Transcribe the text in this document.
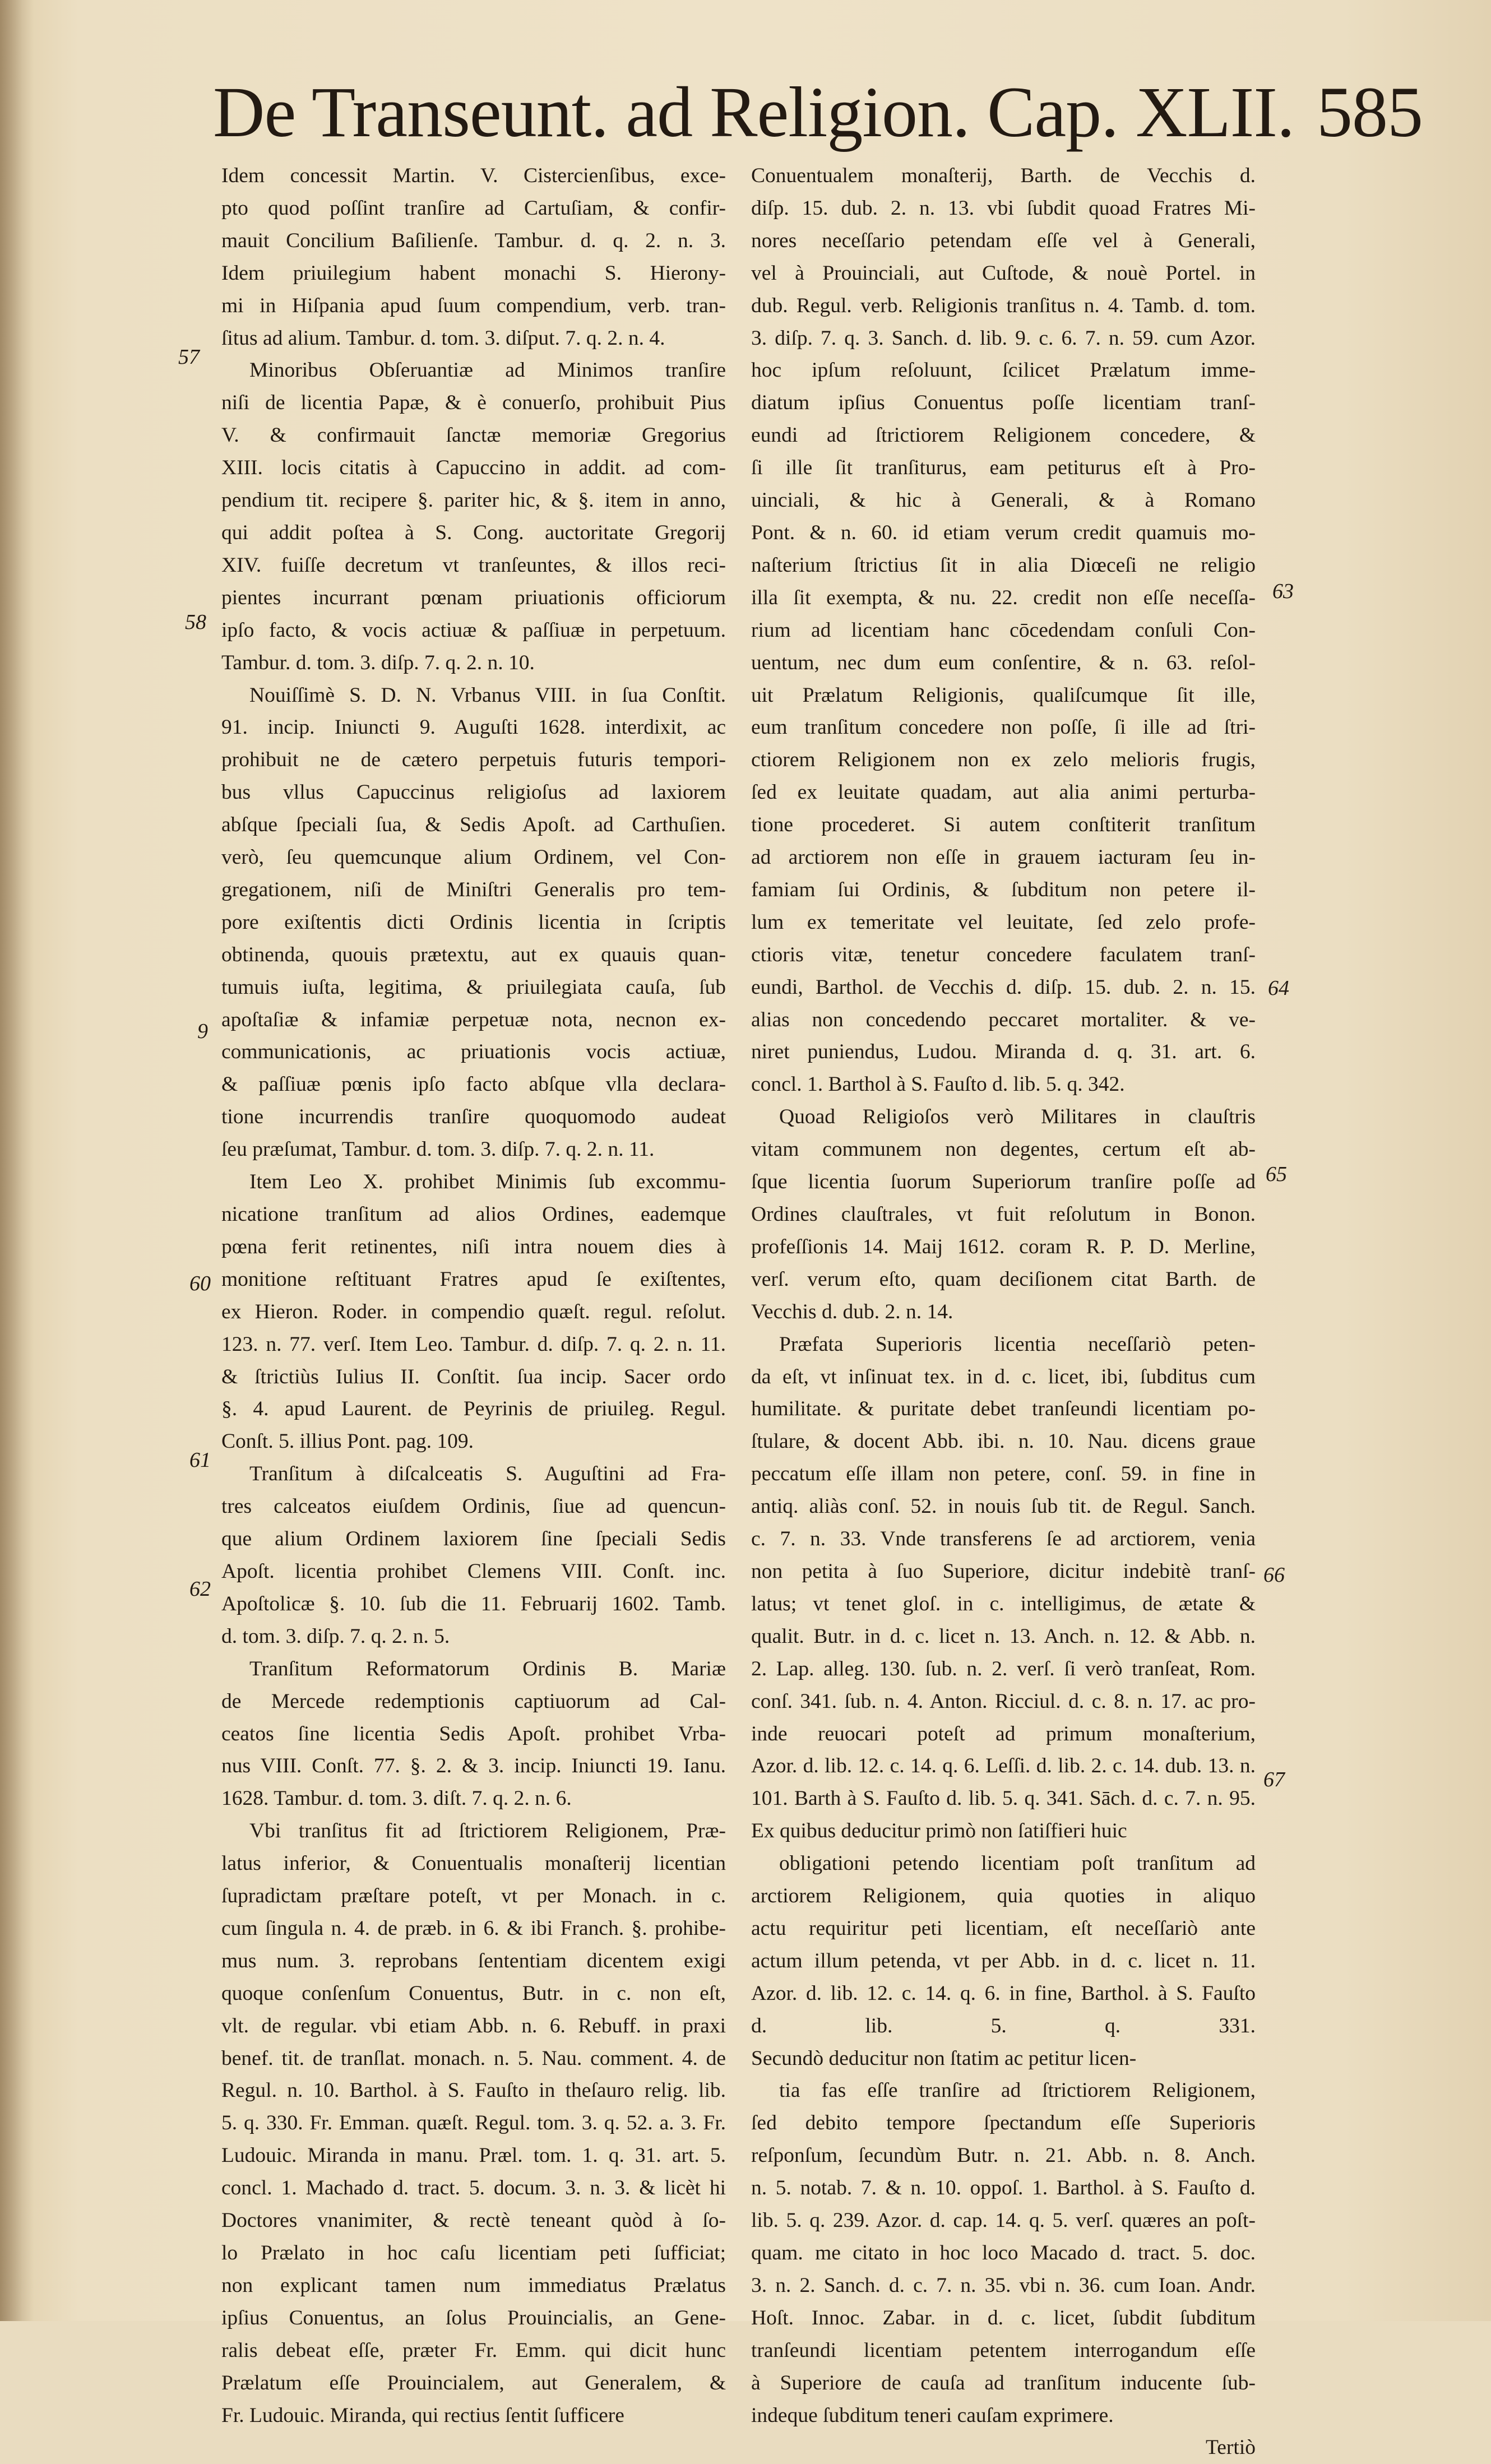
De Transeunt. ad Religion. Cap. XLII. 585

Idem concessit Martin. V. Cistercienſibus, exce-

pto quod poſſint tranſire ad Cartuſiam, & confir-

mauit Concilium Baſilienſe. Tambur. d. q. 2. n. 3.

Idem priuilegium habent monachi S. Hierony-

mi in Hiſpania apud ſuum compendium, verb. tran-

ſitus ad alium. Tambur. d. tom. 3. diſput. 7. q. 2. n. 4.

Minoribus Obſeruantiæ ad Minimos tranſire

niſi de licentia Papæ, & è conuerſo, prohibuit Pius

V. & confirmauit ſanctæ memoriæ Gregorius

XIII. locis citatis à Capuccino in addit. ad com-

pendium tit. recipere §. pariter hic, & §. item in anno,

qui addit poſtea à S. Cong. auctoritate Gregorij

XIV. fuiſſe decretum vt tranſeuntes, & illos reci-

pientes incurrant pœnam priuationis officiorum

ipſo facto, & vocis actiuæ & paſſiuæ in perpetuum.

Tambur. d. tom. 3. diſp. 7. q. 2. n. 10.

Nouiſſimè S. D. N. Vrbanus VIII. in ſua Conſtit.

91. incip. Iniuncti 9. Auguſti 1628. interdixit, ac

prohibuit ne de cætero perpetuis futuris tempori-

bus vllus Capuccinus religioſus ad laxiorem

abſque ſpeciali ſua, & Sedis Apoſt. ad Carthuſien.

verò, ſeu quemcunque alium Ordinem, vel Con-

gregationem, niſi de Miniſtri Generalis pro tem-

pore exiſtentis dicti Ordinis licentia in ſcriptis

obtinenda, quouis prætextu, aut ex quauis quan-

tumuis iuſta, legitima, & priuilegiata cauſa, ſub

apoſtaſiæ & infamiæ perpetuæ nota, necnon ex-

communicationis, ac priuationis vocis actiuæ,

& paſſiuæ pœnis ipſo facto abſque vlla declara-

tione incurrendis tranſire quoquomodo audeat

ſeu præſumat, Tambur. d. tom. 3. diſp. 7. q. 2. n. 11.

Item Leo X. prohibet Minimis ſub excommu-

nicatione tranſitum ad alios Ordines, eademque

pœna ferit retinentes, niſi intra nouem dies à

monitione reſtituant Fratres apud ſe exiſtentes,

ex Hieron. Roder. in compendio quæſt. regul. reſolut.

123. n. 77. verſ. Item Leo. Tambur. d. diſp. 7. q. 2. n. 11.

& ſtrictiùs Iulius II. Conſtit. ſua incip. Sacer ordo

§. 4. apud Laurent. de Peyrinis de priuileg. Regul.

Conſt. 5. illius Pont. pag. 109.

Tranſitum à diſcalceatis S. Auguſtini ad Fra-

tres calceatos eiuſdem Ordinis, ſiue ad quencun-

que alium Ordinem laxiorem ſine ſpeciali Sedis

Apoſt. licentia prohibet Clemens VIII. Conſt. inc.

Apoſtolicæ §. 10. ſub die 11. Februarij 1602. Tamb.

d. tom. 3. diſp. 7. q. 2. n. 5.

Tranſitum Reformatorum Ordinis B. Mariæ

de Mercede redemptionis captiuorum ad Cal-

ceatos ſine licentia Sedis Apoſt. prohibet Vrba-

nus VIII. Conſt. 77. §. 2. & 3. incip. Iniuncti 19. Ianu.

1628. Tambur. d. tom. 3. diſt. 7. q. 2. n. 6.

Vbi tranſitus fit ad ſtrictiorem Religionem, Præ-

latus inferior, & Conuentualis monaſterij licentian

ſupradictam præſtare poteſt, vt per Monach. in c.

cum ſingula n. 4. de præb. in 6. & ibi Franch. §. prohibe-

mus num. 3. reprobans ſententiam dicentem exigi

quoque conſenſum Conuentus, Butr. in c. non eſt,

vlt. de regular. vbi etiam Abb. n. 6. Rebuff. in praxi

benef. tit. de tranſlat. monach. n. 5. Nau. comment. 4. de

Regul. n. 10. Barthol. à S. Fauſto in theſauro relig. lib.

5. q. 330. Fr. Emman. quæſt. Regul. tom. 3. q. 52. a. 3. Fr.

Ludouic. Miranda in manu. Præl. tom. 1. q. 31. art. 5.

concl. 1. Machado d. tract. 5. docum. 3. n. 3. & licèt hi

Doctores vnanimiter, & rectè teneant quòd à ſo-

lo Prælato in hoc caſu licentiam peti ſufficiat;

non explicant tamen num immediatus Prælatus

ipſius Conuentus, an ſolus Prouincialis, an Gene-

ralis debeat eſſe, præter Fr. Emm. qui dicit hunc

Prælatum eſſe Prouincialem, aut Generalem, &

Fr. Ludouic. Miranda, qui rectius ſentit ſufficere

Conuentualem monaſterij, Barth. de Vecchis d.

diſp. 15. dub. 2. n. 13. vbi ſubdit quoad Fratres Mi-

nores neceſſario petendam eſſe vel à Generali,

vel à Prouinciali, aut Cuſtode, & nouè Portel. in

dub. Regul. verb. Religionis tranſitus n. 4. Tamb. d. tom.

3. diſp. 7. q. 3. Sanch. d. lib. 9. c. 6. 7. n. 59. cum Azor.

hoc ipſum reſoluunt, ſcilicet Prælatum imme-

diatum ipſius Conuentus poſſe licentiam tranſ-

eundi ad ſtrictiorem Religionem concedere, &

ſi ille ſit tranſiturus, eam petiturus eſt à Pro-

uinciali, & hic à Generali, & à Romano

Pont. & n. 60. id etiam verum credit quamuis mo-

naſterium ſtrictius ſit in alia Diœceſi ne religio

illa ſit exempta, & nu. 22. credit non eſſe neceſſa-

rium ad licentiam hanc cōcedendam conſuli Con-

uentum, nec dum eum conſentire, & n. 63. reſol-

uit Prælatum Religionis, qualiſcumque ſit ille,

eum tranſitum concedere non poſſe, ſi ille ad ſtri-

ctiorem Religionem non ex zelo melioris frugis,

ſed ex leuitate quadam, aut alia animi perturba-

tione procederet. Si autem conſtiterit tranſitum

ad arctiorem non eſſe in grauem iacturam ſeu in-

famiam ſui Ordinis, & ſubditum non petere il-

lum ex temeritate vel leuitate, ſed zelo profe-

ctioris vitæ, tenetur concedere faculatem tranſ-

eundi, Barthol. de Vecchis d. diſp. 15. dub. 2. n. 15.

alias non concedendo peccaret mortaliter. & ve-

niret puniendus, Ludou. Miranda d. q. 31. art. 6.

concl. 1. Barthol à S. Fauſto d. lib. 5. q. 342.

Quoad Religioſos verò Militares in clauſtris

vitam communem non degentes, certum eſt ab-

ſque licentia ſuorum Superiorum tranſire poſſe ad

Ordines clauſtrales, vt fuit reſolutum in Bonon.

profeſſionis 14. Maij 1612. coram R. P. D. Merline,

verſ. verum eſto, quam deciſionem citat Barth. de

Vecchis d. dub. 2. n. 14.

Præfata Superioris licentia neceſſariò peten-

da eſt, vt inſinuat tex. in d. c. licet, ibi, ſubditus cum

humilitate. & puritate debet tranſeundi licentiam po-

ſtulare, & docent Abb. ibi. n. 10. Nau. dicens graue

peccatum eſſe illam non petere, conſ. 59. in fine in

antiq. aliàs conſ. 52. in nouis ſub tit. de Regul. Sanch.

c. 7. n. 33. Vnde transferens ſe ad arctiorem, venia

non petita à ſuo Superiore, dicitur indebitè tranſ-

latus; vt tenet gloſ. in c. intelligimus, de ætate &

qualit. Butr. in d. c. licet n. 13. Anch. n. 12. & Abb. n.

2. Lap. alleg. 130. ſub. n. 2. verſ. ſi verò tranſeat, Rom.

conſ. 341. ſub. n. 4. Anton. Ricciul. d. c. 8. n. 17. ac pro-

inde reuocari poteſt ad primum monaſterium,

Azor. d. lib. 12. c. 14. q. 6. Leſſi. d. lib. 2. c. 14. dub. 13. n.

101. Barth à S. Fauſto d. lib. 5. q. 341. Sāch. d. c. 7. n. 95.

Ex quibus deducitur primò non ſatiſfieri huic

obligationi petendo licentiam poſt tranſitum ad

arctiorem Religionem, quia quoties in aliquo

actu requiritur peti licentiam, eſt neceſſariò ante

actum illum petenda, vt per Abb. in d. c. licet n. 11.

Azor. d. lib. 12. c. 14. q. 6. in fine, Barthol. à S. Fauſto

d. lib. 5. q. 331.

Secundò deducitur non ſtatim ac petitur licen-

tia fas eſſe tranſire ad ſtrictiorem Religionem,

ſed debito tempore ſpectandum eſſe Superioris

reſponſum, ſecundùm Butr. n. 21. Abb. n. 8. Anch.

n. 5. notab. 7. & n. 10. oppoſ. 1. Barthol. à S. Fauſto d.

lib. 5. q. 239. Azor. d. cap. 14. q. 5. verſ. quæres an poſt-

quam. me citato in hoc loco Macado d. tract. 5. doc.

3. n. 2. Sanch. d. c. 7. n. 35. vbi n. 36. cum Ioan. Andr.

Hoſt. Innoc. Zabar. in d. c. licet, ſubdit ſubditum

tranſeundi licentiam petentem interrogandum eſſe

à Superiore de cauſa ad tranſitum inducente ſub-

indeque ſubditum teneri cauſam exprimere.

Tertiò

57
58
9
60
61
62
63
64
65
66
67
